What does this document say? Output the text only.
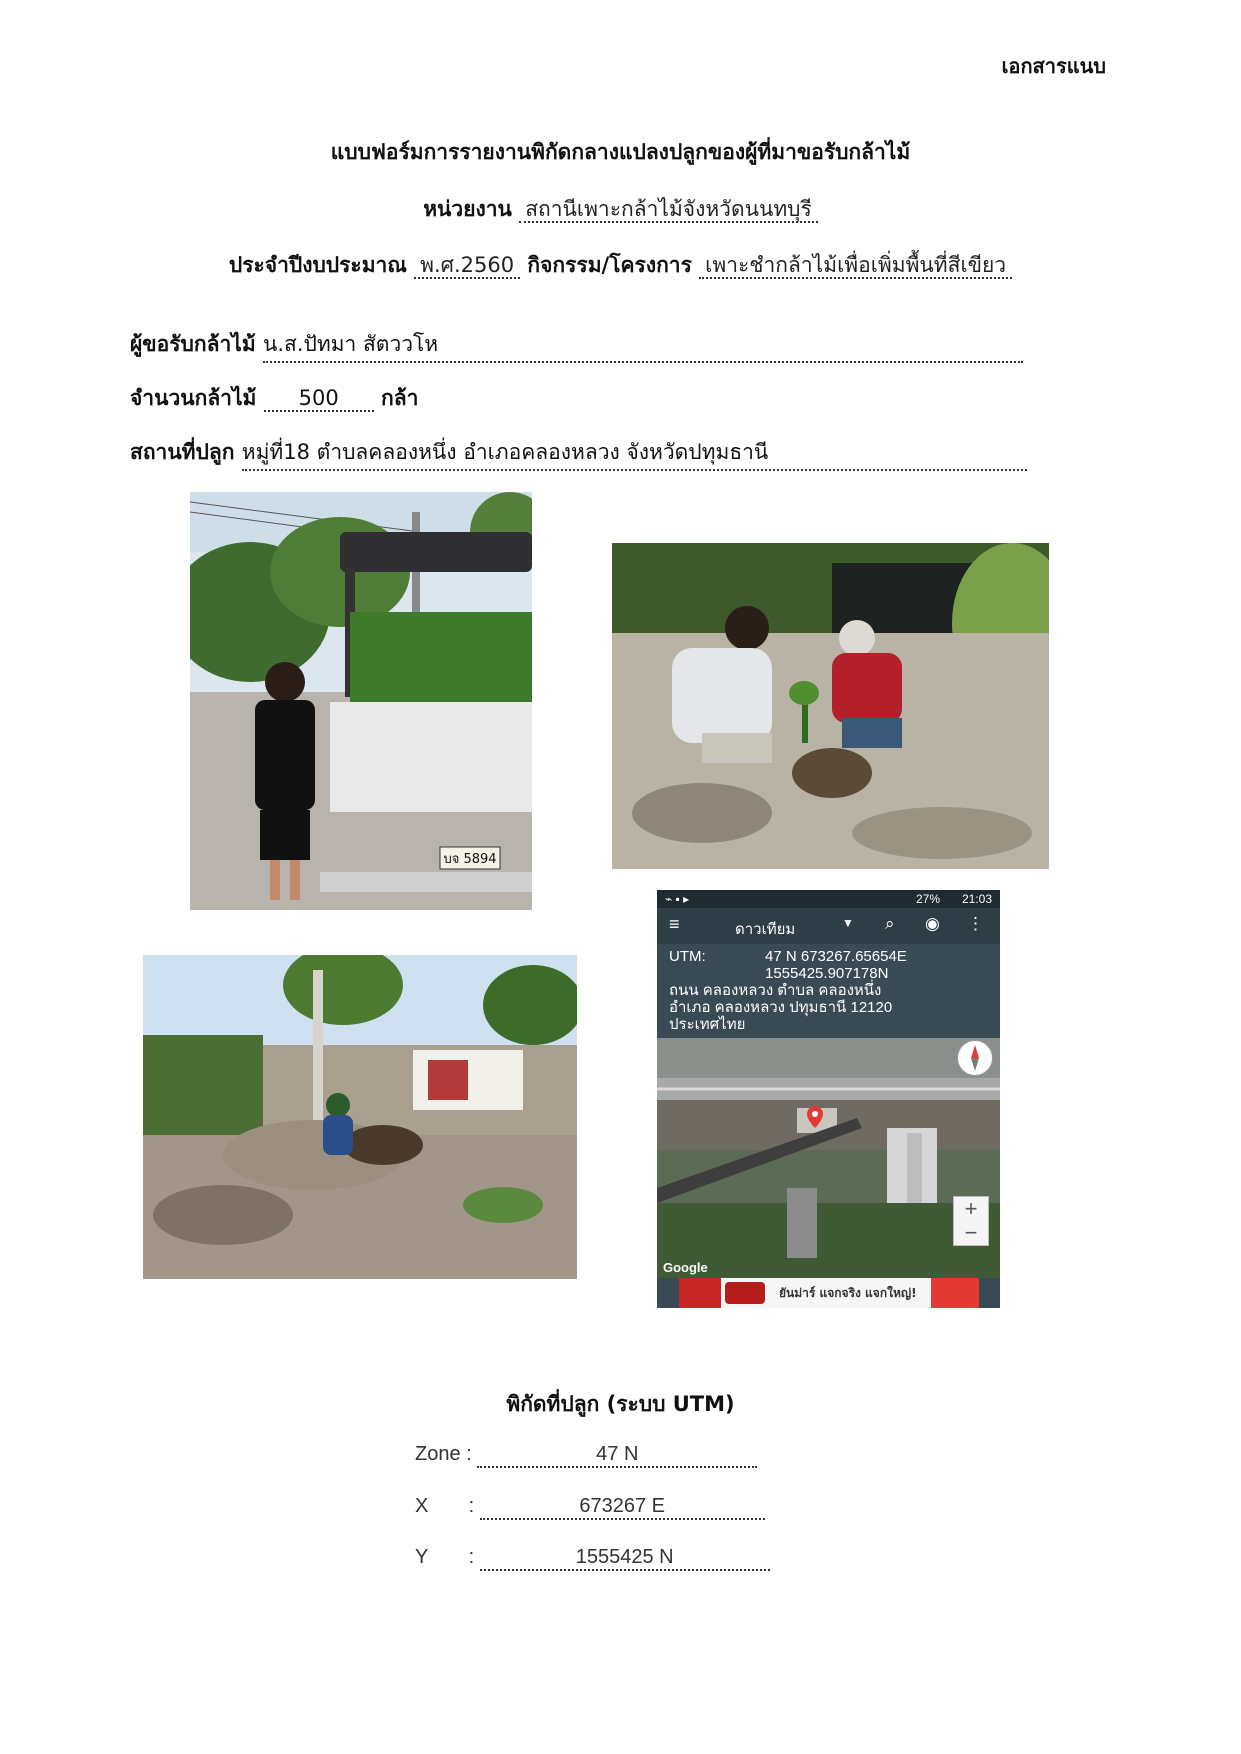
เอกสารแนบ
แบบฟอร์มการรายงานพิกัดกลางแปลงปลูกของผู้ที่มาขอรับกล้าไม้
หน่วยงาน สถานีเพาะกล้าไม้จังหวัดนนทบุรี
ประจำปีงบประมาณ พ.ศ.2560 กิจกรรม/โครงการ เพาะชำกล้าไม้เพื่อเพิ่มพื้นที่สีเขียว
ผู้ขอรับกล้าไม้ น.ส.ปัทมา สัตววโห
จำนวนกล้าไม้ 500 กล้า
สถานที่ปลูก หมู่ที่18 ตำบลคลองหนึ่ง อำเภอคลองหลวง จังหวัดปทุมธานี
บจ 5894
⌁ ▪ ▸	27% 21:03
≡	ดาวเทียม	▼ ⌕ ◉ ⋮
UTM:	47 N 673267.65654E
1555425.907178N
ถนน คลองหลวง ตำบล คลองหนึ่ง
อำเภอ คลองหลวง ปทุมธานี 12120
ประเทศไทย
+
−
Google
ยันม่าร์ แจกจริง แจกใหญ่!
พิกัดที่ปลูก (ระบบ UTM)
Zone :	47 N
X :	673267 E
Y :	1555425 N
